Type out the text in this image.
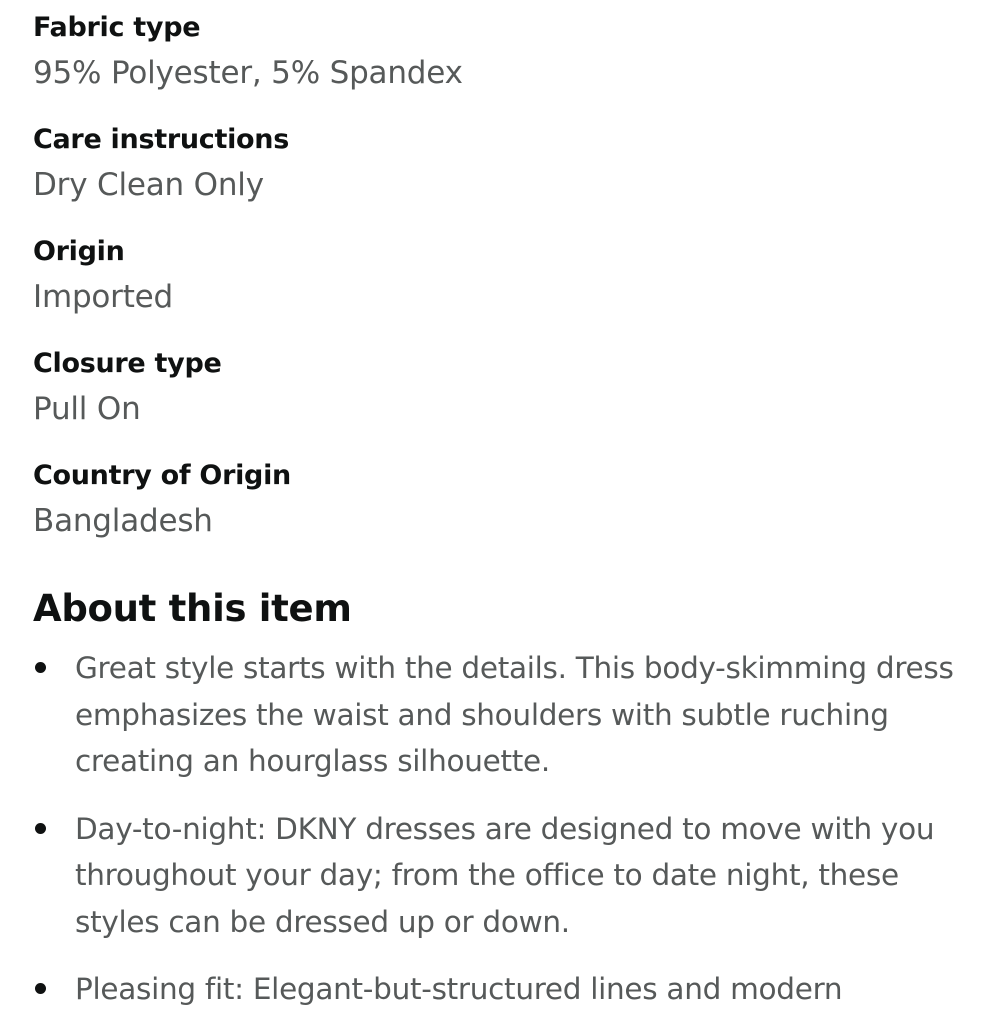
Fabric type
95% Polyester, 5% Spandex
Care instructions
Dry Clean Only
Origin
Imported
Closure type
Pull On
Country of Origin
Bangladesh
About this item
Great style starts with the details. This body-skimming dress emphasizes the waist and shoulders with subtle ruching creating an hourglass silhouette.
Day-to-night: DKNY dresses are designed to move with you throughout your day; from the office to date night, these styles can be dressed up or down.
Pleasing fit: Elegant-but-structured lines and modern
